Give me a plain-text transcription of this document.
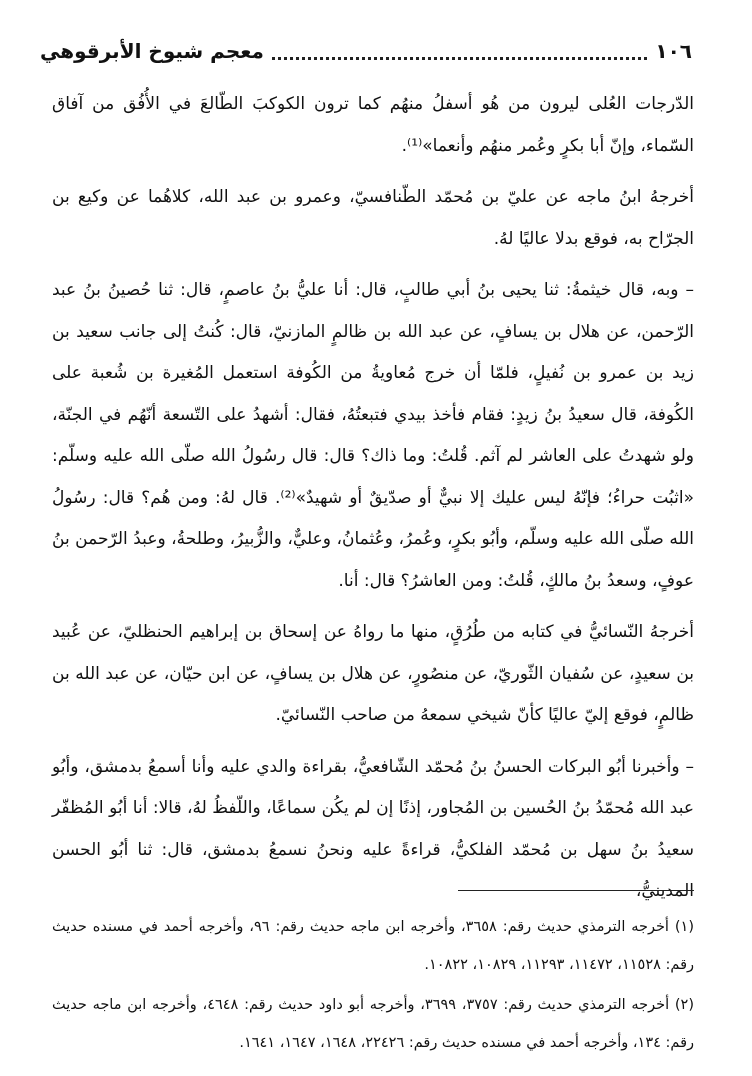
١٠٦
معجم شيوخ الأبرقوهي

الدّرجات العُلى ليرون من هُو أسفلُ منهُم كما ترون الكوكبَ الطّالعَ في الأُفُق من آفاق السّماء، وإنّ أبا بكرٍ وعُمر منهُم وأنعما»⁽¹⁾.

أخرجهُ ابنُ ماجه عن عليّ بن مُحمّد الطّنافسيّ، وعمرو بن عبد الله، كلاهُما عن وكيع بن الجرّاح به، فوقع بدلا عاليًا لهُ.

– وبه، قال خيثمةُ: ثنا يحيى بنُ أبي طالبٍ، قال: أنا عليُّ بنُ عاصمٍ، قال: ثنا حُصينُ بنُ عبد الرّحمن، عن هلال بن يسافٍ، عن عبد الله بن ظالمٍ المازنيّ، قال: كُنتُ إلى جانب سعيد بن زيد بن عمرو بن نُفيلٍ، فلمّا أن خرج مُعاويةُ من الكُوفة استعمل المُغيرة بن شُعبة على الكُوفة، قال سعيدُ بنُ زيدٍ: فقام فأخذ بيدي فتبعتُهُ، فقال: أشهدُ على التّسعة أنّهُم في الجنّة، ولو شهدتُ على العاشر لم آثم. قُلتُ: وما ذاك؟ قال: قال رسُولُ الله صلّى الله عليه وسلّم: «اثبُت حراءُ؛ فإنّهُ ليس عليك إلا نبيٌّ أو صدّيقٌ أو شهيدٌ»⁽²⁾. قال لهُ: ومن هُم؟ قال: رسُولُ الله صلّى الله عليه وسلّم، وأبُو بكرٍ، وعُمرُ، وعُثمانُ، وعليٌّ، والزُّبيرُ، وطلحةُ، وعبدُ الرّحمن بنُ عوفٍ، وسعدُ بنُ مالكٍ، قُلتُ: ومن العاشرُ؟ قال: أنا.

أخرجهُ النّسائيُّ في كتابه من طُرُقٍ، منها ما رواهُ عن إسحاق بن إبراهيم الحنظليّ، عن عُبيد بن سعيدٍ، عن سُفيان الثّوريّ، عن منصُورٍ، عن هلال بن يسافٍ، عن ابن حيّان، عن عبد الله بن ظالمٍ، فوقع إليّ عاليًا كأنّ شيخي سمعهُ من صاحب النّسائيّ.

– وأخبرنا أبُو البركات الحسنُ بنُ مُحمّد الشّافعيُّ، بقراءة والدي عليه وأنا أسمعُ بدمشق، وأبُو عبد الله مُحمّدُ بنُ الحُسين بن المُجاور، إذنًا إن لم يكُن سماعًا، واللّفظُ لهُ، قالا: أنا أبُو المُظفّر سعيدُ بنُ سهل بن مُحمّد الفلكيُّ، قراءةً عليه ونحنُ نسمعُ بدمشق، قال: ثنا أبُو الحسن المدينيُّ،

(١) أخرجه الترمذي حديث رقم: ٣٦٥٨، وأخرجه ابن ماجه حديث رقم: ٩٦، وأخرجه أحمد في مسنده حديث رقم: ١١٥٢٨، ١١٤٧٢، ١١٢٩٣، ١٠٨٢٩، ١٠٨٢٢.

(٢) أخرجه الترمذي حديث رقم: ٣٧٥٧، ٣٦٩٩، وأخرجه أبو داود حديث رقم: ٤٦٤٨، وأخرجه ابن ماجه حديث رقم: ١٣٤، وأخرجه أحمد في مسنده حديث رقم: ٢٢٤٢٦، ١٦٤٨، ١٦٤٧، ١٦٤١.
